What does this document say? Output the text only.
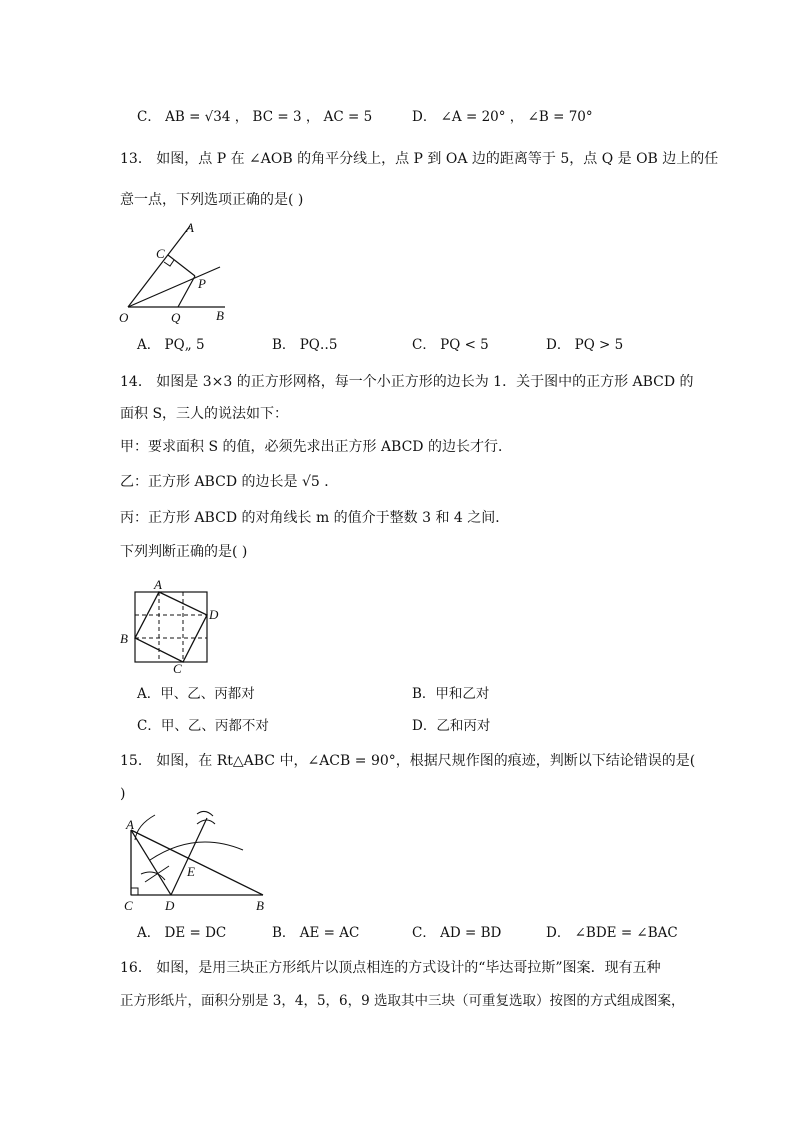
C． AB = √34 ， BC = 3 ， AC = 5	D． ∠A = 20° ， ∠B = 70°
13． 如图，点 P 在 ∠AOB 的角平分线上，点 P 到 OA 边的距离等于 5，点 Q 是 OB 边上的任
意一点，下列选项正确的是( )
A
C
P
O	Q	B
A． PQ„ 5	B． PQ‥5	C． PQ < 5	D． PQ > 5
14． 如图是 3×3 的正方形网格，每一个小正方形的边长为 1．关于图中的正方形 ABCD 的
面积 S，三人的说法如下：
甲：要求面积 S 的值，必须先求出正方形 ABCD 的边长才行．
乙：正方形 ABCD 的边长是 √5 ．
丙：正方形 ABCD 的对角线长 m 的值介于整数 3 和 4 之间．
下列判断正确的是( )
A
D
B
C
A．甲、乙、丙都对	B．甲和乙对
C．甲、乙、丙都不对	D．乙和丙对
15． 如图，在 Rt△ABC 中，∠ACB = 90°，根据尺规作图的痕迹，判断以下结论错误的是(
)
A
E
C D	B
A． DE = DC	B． AE = AC	C． AD = BD	D． ∠BDE = ∠BAC
16． 如图，是用三块正方形纸片以顶点相连的方式设计的“毕达哥拉斯”图案．现有五种
正方形纸片，面积分别是 3，4，5，6，9 选取其中三块（可重复选取）按图的方式组成图案，
